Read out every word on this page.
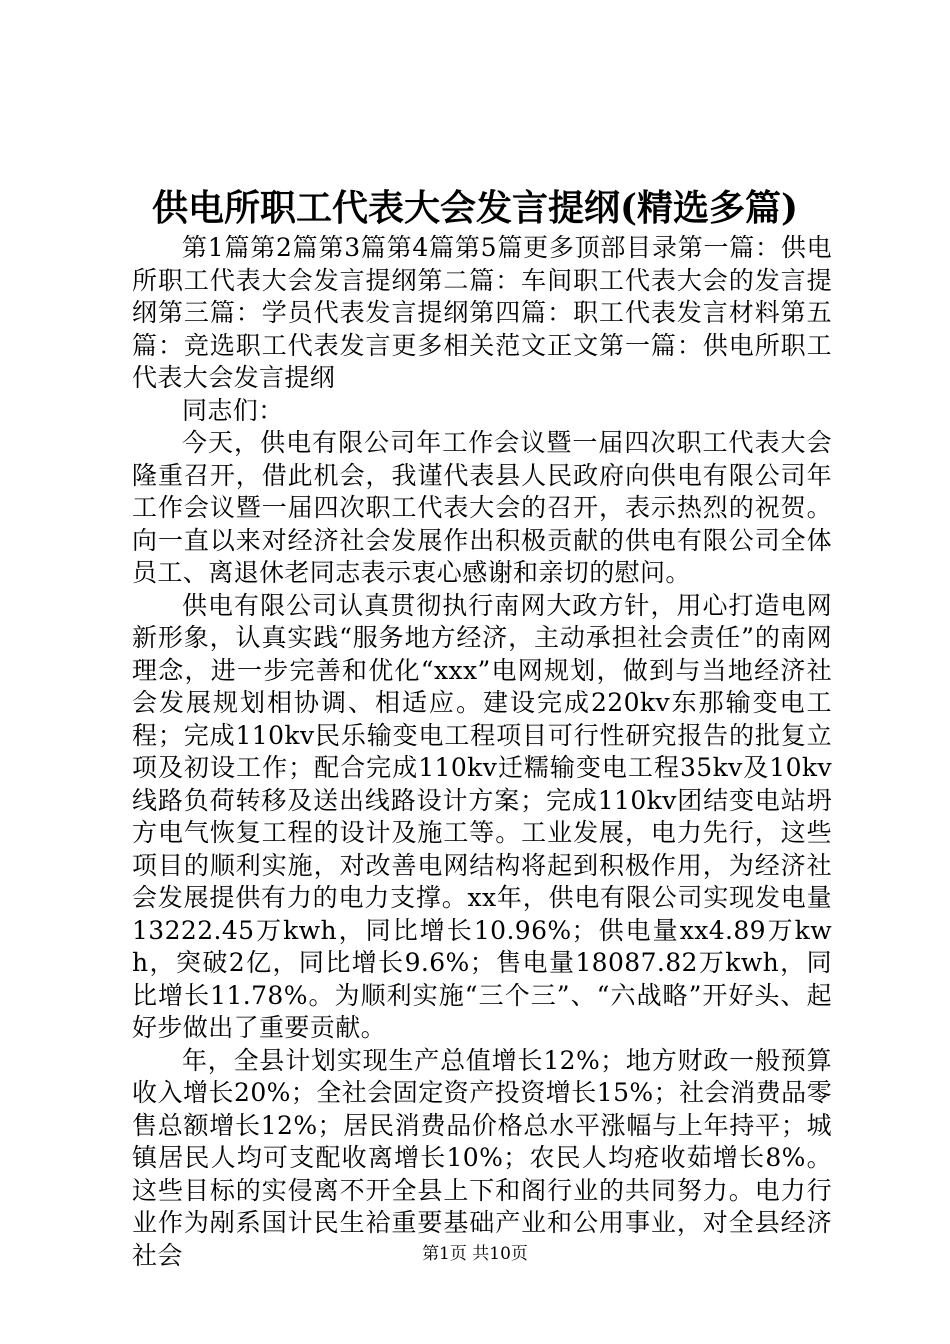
供电所职工代表大会发言提纲(精选多篇)

第1篇第2篇第3篇第4篇第5篇更多顶部目录第一篇：供电所职工代表大会发言提纲第二篇：车间职工代表大会的发言提纲第三篇：学员代表发言提纲第四篇：职工代表发言材料第五篇：竞选职工代表发言更多相关范文正文第一篇：供电所职工代表大会发言提纲

同志们：

今天，供电有限公司年工作会议暨一届四次职工代表大会隆重召开，借此机会，我谨代表县人民政府向供电有限公司年工作会议暨一届四次职工代表大会的召开，表示热烈的祝贺。向一直以来对经济社会发展作出积极贡献的供电有限公司全体员工、离退休老同志表示衷心感谢和亲切的慰问。

供电有限公司认真贯彻执行南网大政方针，用心打造电网新形象，认真实践“服务地方经济，主动承担社会责任”的南网理念，进一步完善和优化“xxx”电网规划，做到与当地经济社会发展规划相协调、相适应。建设完成220kv东那输变电工程；完成110kv民乐输变电工程项目可行性研究报告的批复立项及初设工作；配合完成110kv迁糯输变电工程35kv及10kv线路负荷转移及送出线路设计方案；完成110kv团结变电站坍方电气恢复工程的设计及施工等。工业发展，电力先行，这些项目的顺利实施，对改善电网结构将起到积极作用，为经济社会发展提供有力的电力支撑。xx年，供电有限公司实现发电量13222.45万kwh，同比增长10.96%；供电量xx4.89万kwh，突破2亿，同比增长9.6%；售电量18087.82万kwh，同比增长11.78%。为顺利实施“三个三”、“六战略”开好头、起好步做出了重要贡献。

年，全县计划实现生产总值增长12%；地方财政一般预算收入增长20%；全社会固定资产投资增长15%；社会消费品零售总额增长12%；居民消费品价格总水平涨幅与上年持平；城镇居民人均可支配收离增长10%；农民人均疮收茹增长8%。这些目标的实侵离不开全县上下和阁行业的共同努力。电力行业作为剐系国计民生袷重要基础产业和公用事业，对全县经济社会	第1页 共10页
